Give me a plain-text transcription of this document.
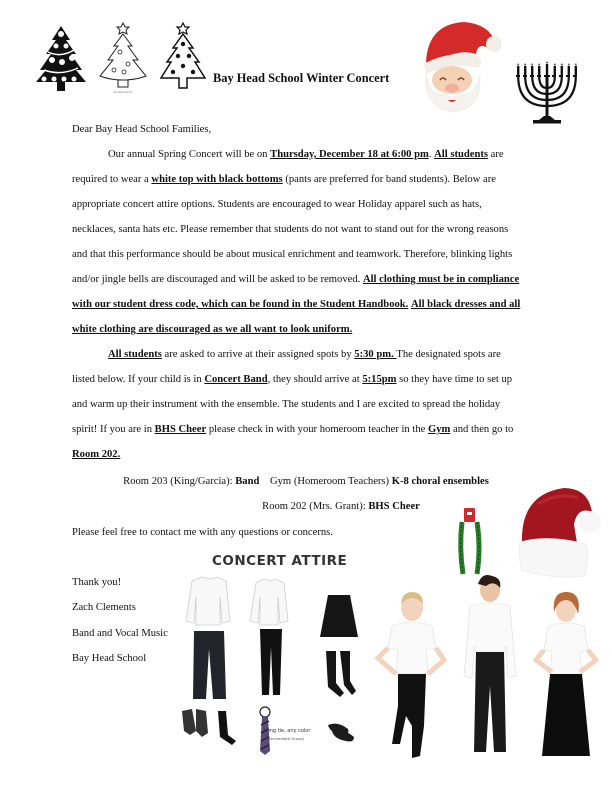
shutterstock
Bay Head School Winter Concert
Dear Bay Head School Families,
Our annual Spring Concert will be on Thursday, December 18 at 6:00 pm. All students are
required to wear a white top with black bottoms (pants are preferred for band students). Below are
appropriate concert attire options. Students are encouraged to wear Holiday apparel such as hats,
necklaces, santa hats etc. Please remember that students do not want to stand out for the wrong reasons
and that this performance should be about musical enrichment and teamwork. Therefore, blinking lights
and/or jingle bells are discouraged and will be asked to be removed. All clothing must be in compliance
with our student dress code, which can be found in the Student Handbook. All black dresses and all
white clothing are discouraged as we all want to look uniform.
All students are asked to arrive at their assigned spots by 5:30 pm. The designated spots are
listed below. If your child is in Concert Band, they should arrive at 5:15pm so they have time to set up
and warm up their instrument with the ensemble. The students and I are excited to spread the holiday
spirit! If you are in BHS Cheer please check in with your homeroom teacher in the Gym and then go to
Room 202.
Room 203 (King/Garcia): Band    Gym (Homeroom Teachers) K-8 choral ensembles
Room 202 (Mrs. Grant): BHS Cheer
Please feel free to contact me with any questions or concerns.
Thank you!
Zach Clements
Band and Vocal Music
Bay Head School
CONCERT ATTIRE
Long tie, any color
(Intermediate Group)
